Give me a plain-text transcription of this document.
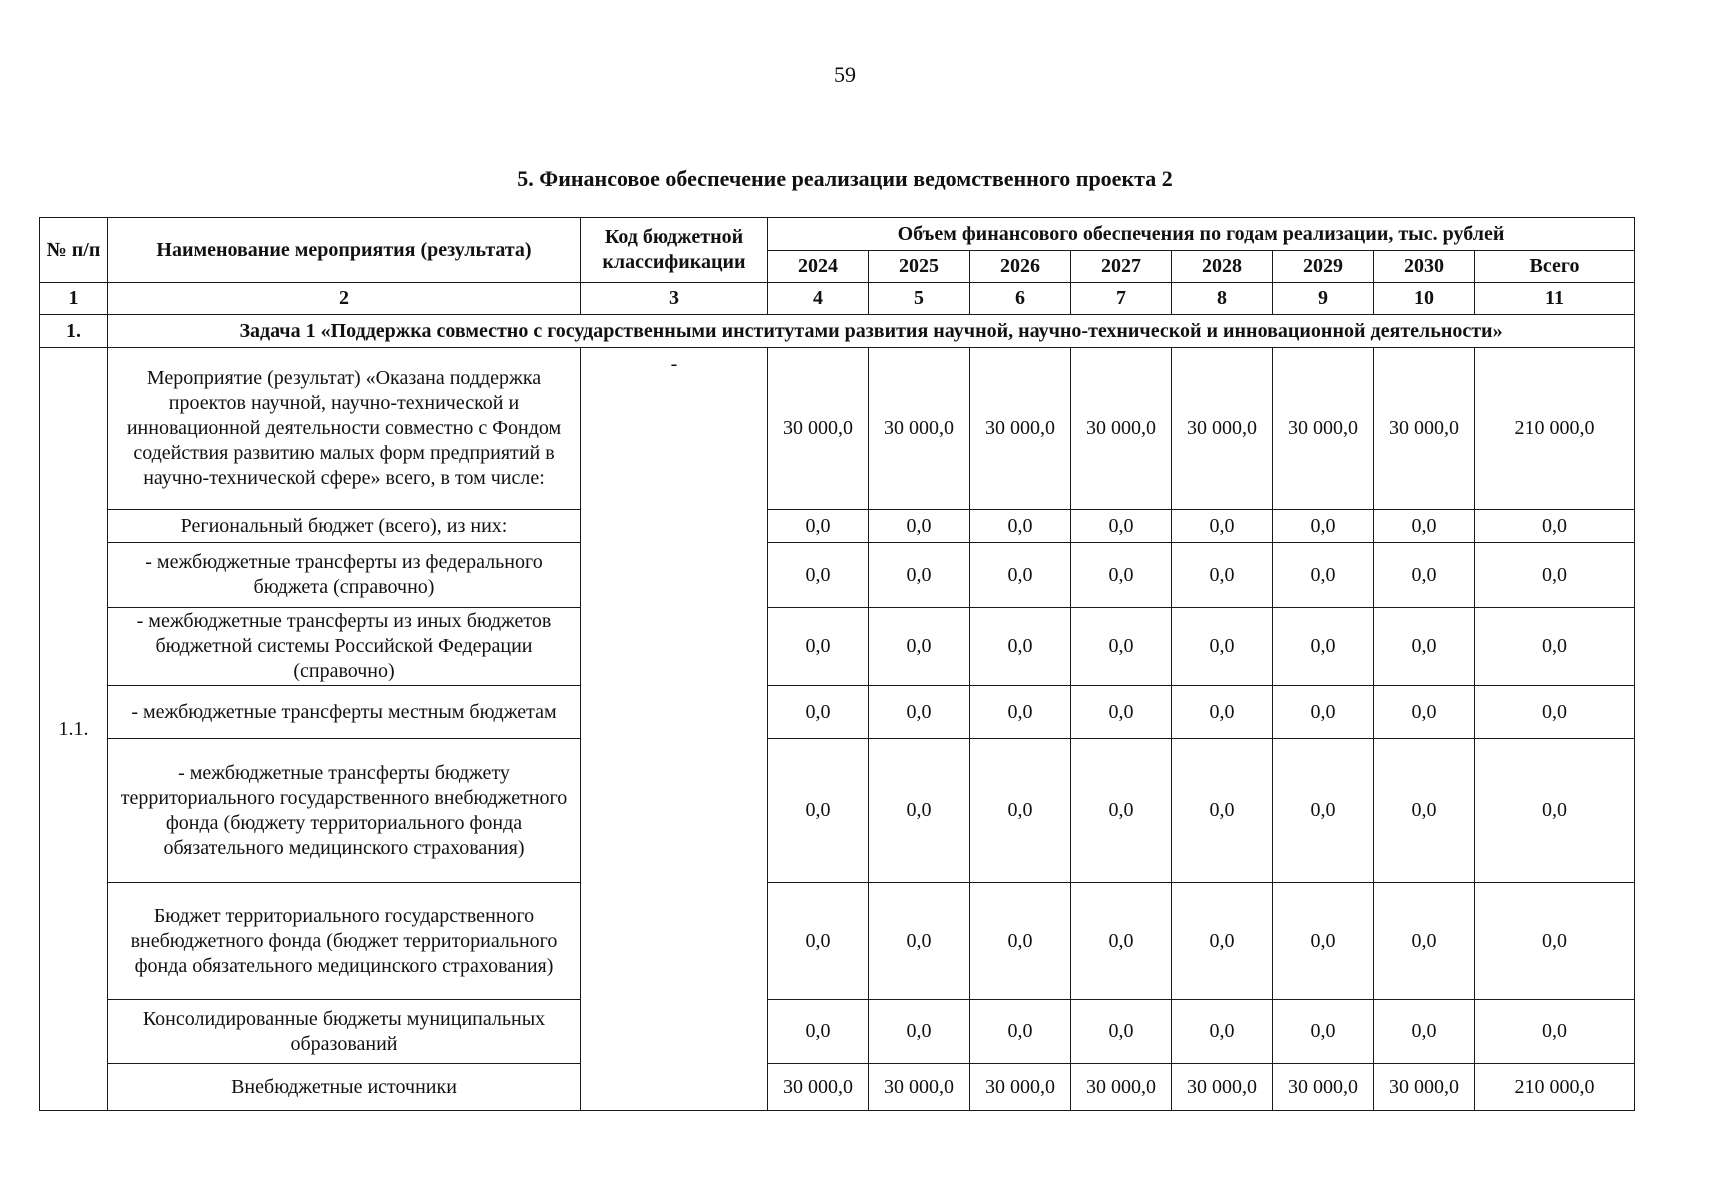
59
5. Финансовое обеспечение реализации ведомственного проекта 2
№ п/п	Наименование мероприятия (результата)	Код бюджетной классификации	Объем финансового обеспечения по годам реализации, тыс. рублей							
			2024	2025	2026	2027	2028	2029	2030	Всего
1	2	3	4	5	6	7	8	9	10	11
1.	Задача 1 «Поддержка совместно с государственными институтами развития научной, научно-технической и инновационной деятельности»									
1.1.	Мероприятие (результат) «Оказана поддержка проектов научной, научно-технической и инновационной деятельности совместно с Фондом содействия развитию малых форм предприятий в научно-технической сфере» всего, в том числе:	-	30 000,0	30 000,0	30 000,0	30 000,0	30 000,0	30 000,0	30 000,0	210 000,0
	Региональный бюджет (всего), из них:		0,0	0,0	0,0	0,0	0,0	0,0	0,0	0,0
	- межбюджетные трансферты из федерального бюджета (справочно)		0,0	0,0	0,0	0,0	0,0	0,0	0,0	0,0
	- межбюджетные трансферты из иных бюджетов бюджетной системы Российской Федерации (справочно)		0,0	0,0	0,0	0,0	0,0	0,0	0,0	0,0
	- межбюджетные трансферты местным бюджетам		0,0	0,0	0,0	0,0	0,0	0,0	0,0	0,0
	- межбюджетные трансферты бюджету территориального государственного внебюджетного фонда (бюджету территориального фонда обязательного медицинского страхования)		0,0	0,0	0,0	0,0	0,0	0,0	0,0	0,0
	Бюджет территориального государственного внебюджетного фонда (бюджет территориального фонда обязательного медицинского страхования)		0,0	0,0	0,0	0,0	0,0	0,0	0,0	0,0
	Консолидированные бюджеты муниципальных образований		0,0	0,0	0,0	0,0	0,0	0,0	0,0	0,0
	Внебюджетные источники		30 000,0	30 000,0	30 000,0	30 000,0	30 000,0	30 000,0	30 000,0	210 000,0
